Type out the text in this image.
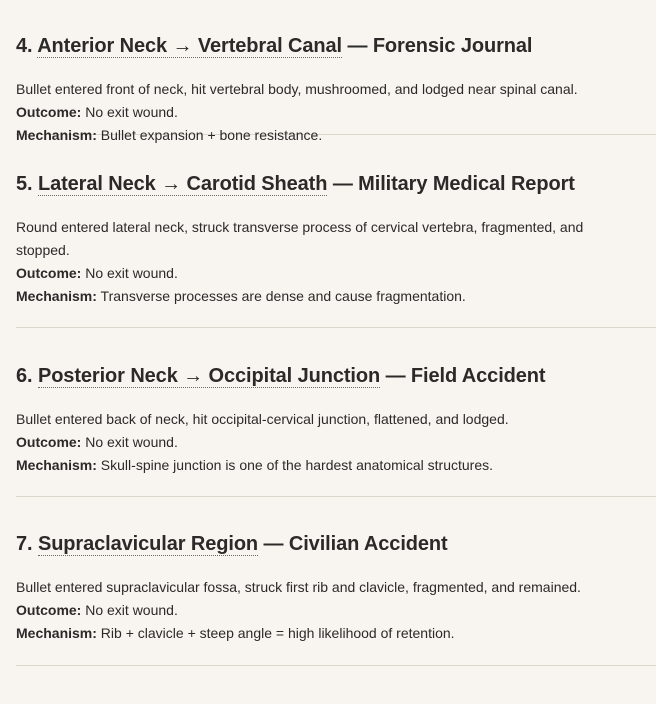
4. Anterior Neck → Vertebral Canal — Forensic Journal

Bullet entered front of neck, hit vertebral body, mushroomed, and lodged near spinal canal.

Outcome: No exit wound.

Mechanism: Bullet expansion + bone resistance.

5. Lateral Neck → Carotid Sheath — Military Medical Report

Round entered lateral neck, struck transverse process of cervical vertebra, fragmented, and stopped.

Outcome: No exit wound.

Mechanism: Transverse processes are dense and cause fragmentation.

6. Posterior Neck → Occipital Junction — Field Accident

Bullet entered back of neck, hit occipital-cervical junction, flattened, and lodged.

Outcome: No exit wound.

Mechanism: Skull-spine junction is one of the hardest anatomical structures.

7. Supraclavicular Region — Civilian Accident

Bullet entered supraclavicular fossa, struck first rib and clavicle, fragmented, and remained.

Outcome: No exit wound.

Mechanism: Rib + clavicle + steep angle = high likelihood of retention.
